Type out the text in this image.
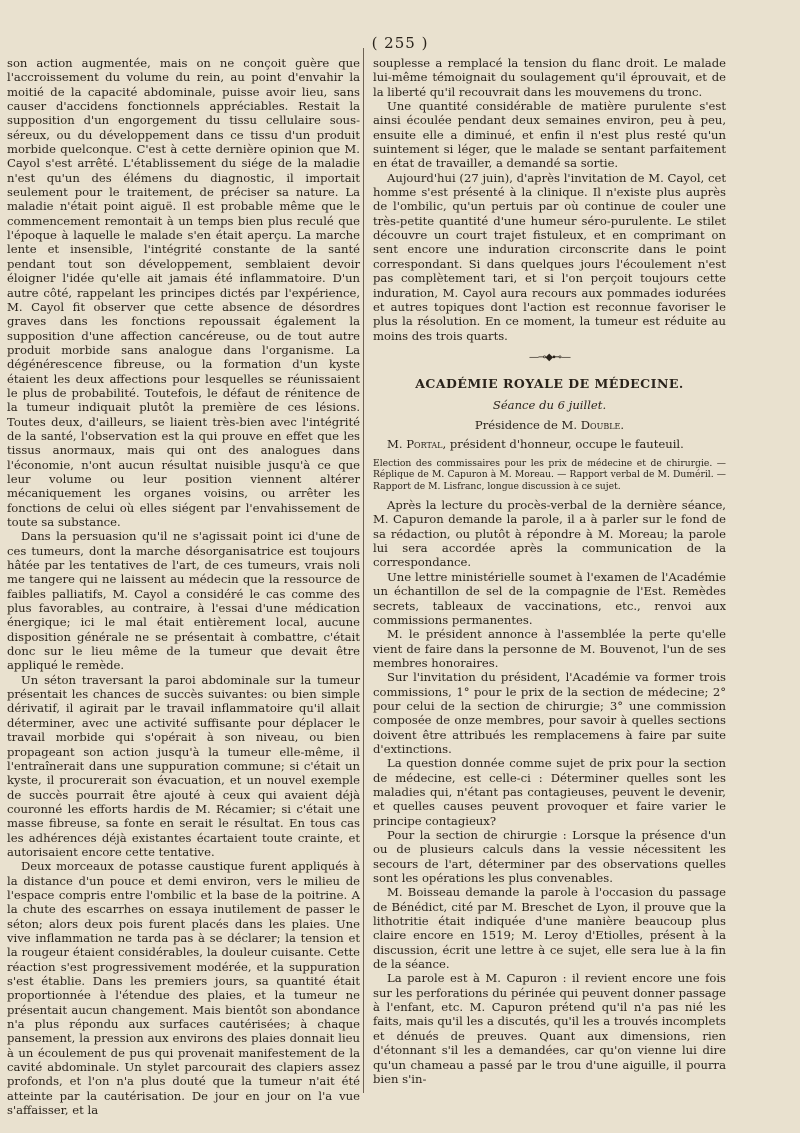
( 255 )

son action augmentée, mais on ne conçoit guère que l'accroissement du volume du rein, au point d'envahir la moitié de la capacité abdominale, puisse avoir lieu, sans causer d'accidens fonctionnels appréciables. Restait la supposition d'un engorgement du tissu cellulaire sous-séreux, ou du développement dans ce tissu d'un produit morbide quelconque. C'est à cette dernière opinion que M. Cayol s'est arrêté. L'établissement du siége de la maladie n'est qu'un des élémens du diagnostic, il importait seulement pour le traitement, de préciser sa nature. La maladie n'était point aiguë. Il est probable même que le commencement remontait à un temps bien plus reculé que l'époque à laquelle le malade s'en était aperçu. La marche lente et insensible, l'intégrité constante de la santé pendant tout son développement, semblaient devoir éloigner l'idée qu'elle ait jamais été inflammatoire. D'un autre côté, rappelant les principes dictés par l'expérience, M. Cayol fit observer que cette absence de désordres graves dans les fonctions repoussait également la supposition d'une affection cancéreuse, ou de tout autre produit morbide sans analogue dans l'organisme. La dégénérescence fibreuse, ou la formation d'un kyste étaient les deux affections pour lesquelles se réunissaient le plus de probabilité. Toutefois, le défaut de rénitence de la tumeur indiquait plutôt la première de ces lésions. Toutes deux, d'ailleurs, se liaient très-bien avec l'intégrité de la santé, l'observation est la qui prouve en effet que les tissus anormaux, mais qui ont des analogues dans l'économie, n'ont aucun résultat nuisible jusqu'à ce que leur volume ou leur position viennent altérer mécaniquement les organes voisins, ou arrêter les fonctions de celui où elles siégent par l'envahissement de toute sa substance.

Dans la persuasion qu'il ne s'agissait point ici d'une de ces tumeurs, dont la marche désorganisatrice est toujours hâtée par les tentatives de l'art, de ces tumeurs, vrais noli me tangere qui ne laissent au médecin que la ressource de faibles palliatifs, M. Cayol a considéré le cas comme des plus favorables, au contraire, à l'essai d'une médication énergique; ici le mal était entièrement local, aucune disposition générale ne se présentait à combattre, c'était donc sur le lieu même de la tumeur que devait être appliqué le remède.

Un séton traversant la paroi abdominale sur la tumeur présentait les chances de succès suivantes: ou bien simple dérivatif, il agirait par le travail inflammatoire qu'il allait déterminer, avec une activité suffisante pour déplacer le travail morbide qui s'opérait à son niveau, ou bien propageant son action jusqu'à la tumeur elle-même, il l'entraînerait dans une suppuration commune; si c'était un kyste, il procurerait son évacuation, et un nouvel exemple de succès pourrait être ajouté à ceux qui avaient déjà couronné les efforts hardis de M. Récamier; si c'était une masse fibreuse, sa fonte en serait le résultat. En tous cas les adhérences déjà existantes écartaient toute crainte, et autorisaient encore cette tentative.

Deux morceaux de potasse caustique furent appliqués à la distance d'un pouce et demi environ, vers le milieu de l'espace compris entre l'ombilic et la base de la poitrine. A la chute des escarrhes on essaya inutilement de passer le séton; alors deux pois furent placés dans les plaies. Une vive inflammation ne tarda pas à se déclarer; la tension et la rougeur étaient considérables, la douleur cuisante. Cette réaction s'est progressivement modérée, et la suppuration s'est établie. Dans les premiers jours, sa quantité était proportionnée à l'étendue des plaies, et la tumeur ne présentait aucun changement. Mais bientôt son abondance n'a plus répondu aux surfaces cautérisées; à chaque pansement, la pression aux environs des plaies donnait lieu à un écoulement de pus qui provenait manifestement de la cavité abdominale. Un stylet parcourait des clapiers assez profonds, et l'on n'a plus douté que la tumeur n'ait été atteinte par la cautérisation. De jour en jour on l'a vue s'affaisser, et la

souplesse a remplacé la tension du flanc droit. Le malade lui-même témoignait du soulagement qu'il éprouvait, et de la liberté qu'il recouvrait dans les mouvemens du tronc.

Une quantité considérable de matière purulente s'est ainsi écoulée pendant deux semaines environ, peu à peu, ensuite elle a diminué, et enfin il n'est plus resté qu'un suintement si léger, que le malade se sentant parfaitement en état de travailler, a demandé sa sortie.

Aujourd'hui (27 juin), d'après l'invitation de M. Cayol, cet homme s'est présenté à la clinique. Il n'existe plus auprès de l'ombilic, qu'un pertuis par où continue de couler une très-petite quantité d'une humeur séro-purulente. Le stilet découvre un court trajet fistuleux, et en comprimant on sent encore une induration circonscrite dans le point correspondant. Si dans quelques jours l'écoulement n'est pas complètement tari, et si l'on perçoit toujours cette induration, M. Cayol aura recours aux pommades iodurées et autres topiques dont l'action est reconnue favoriser le plus la résolution. En ce moment, la tumeur est réduite au moins des trois quarts.

—⊸◆⊷—
ACADÉMIE ROYALE DE MÉDECINE.
Séance du 6 juillet.
Présidence de M. Double.

M. Portal, président d'honneur, occupe le fauteuil.

Election des commissaires pour les prix de médecine et de chirurgie. — Réplique de M. Capuron à M. Moreau. — Rapport verbal de M. Duméril. — Rapport de M. Lisfranc, longue discussion à ce sujet.

Après la lecture du procès-verbal de la dernière séance, M. Capuron demande la parole, il a à parler sur le fond de sa rédaction, ou plutôt à répondre à M. Moreau; la parole lui sera accordée après la communication de la correspondance.

Une lettre ministérielle soumet à l'examen de l'Académie un échantillon de sel de la compagnie de l'Est. Remèdes secrets, tableaux de vaccinations, etc., renvoi aux commissions permanentes.

M. le président annonce à l'assemblée la perte qu'elle vient de faire dans la personne de M. Bouvenot, l'un de ses membres honoraires.

Sur l'invitation du président, l'Académie va former trois commissions, 1° pour le prix de la section de médecine; 2° pour celui de la section de chirurgie; 3° une commission composée de onze membres, pour savoir à quelles sections doivent être attribués les remplacemens à faire par suite d'extinctions.

La question donnée comme sujet de prix pour la section de médecine, est celle-ci : Déterminer quelles sont les maladies qui, n'étant pas contagieuses, peuvent le devenir, et quelles causes peuvent provoquer et faire varier le principe contagieux?

Pour la section de chirurgie : Lorsque la présence d'un ou de plusieurs calculs dans la vessie nécessitent les secours de l'art, déterminer par des observations quelles sont les opérations les plus convenables.

M. Boisseau demande la parole à l'occasion du passage de Bénédict, cité par M. Breschet de Lyon, il prouve que la lithotritie était indiquée d'une manière beaucoup plus claire encore en 1519; M. Leroy d'Etiolles, présent à la discussion, écrit une lettre à ce sujet, elle sera lue à la fin de la séance.

La parole est à M. Capuron : il revient encore une fois sur les perforations du périnée qui peuvent donner passage à l'enfant, etc. M. Capuron prétend qu'il n'a pas nié les faits, mais qu'il les a discutés, qu'il les a trouvés incomplets et dénués de preuves. Quant aux dimensions, rien d'étonnant s'il les a demandées, car qu'on vienne lui dire qu'un chameau a passé par le trou d'une aiguille, il pourra bien s'in-
